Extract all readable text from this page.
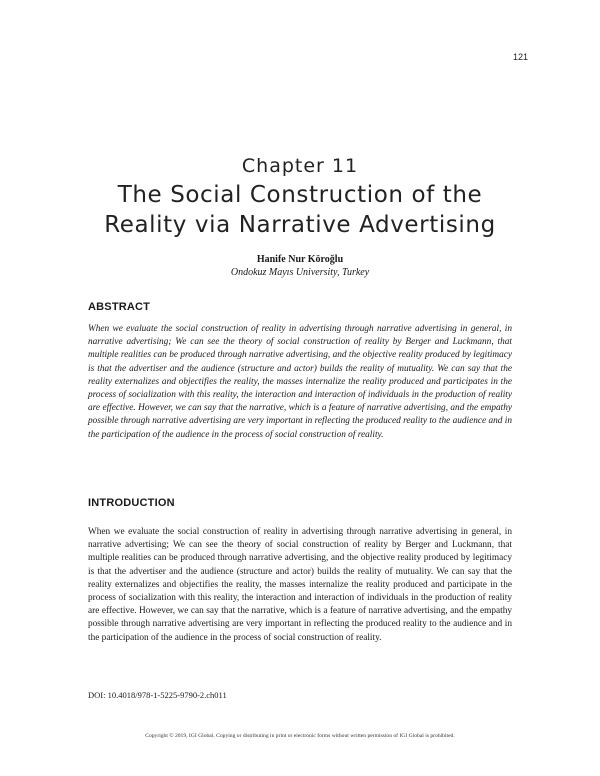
121
Chapter 11
The Social Construction of the
Reality via Narrative Advertising
Hanife Nur Köroğlu
Ondokuz Mayıs University, Turkey
ABSTRACT

When we evaluate the social construction of reality in advertising through narrative advertising in general, in narrative advertising; We can see the theory of social construction of reality by Berger and Luckmann, that multiple realities can be produced through narrative advertising, and the objective reality produced by legitimacy is that the advertiser and the audience (structure and actor) builds the reality of mutuality. We can say that the reality externalizes and objectifies the reality, the masses internalize the reality produced and participates in the process of socialization with this reality, the interaction and interaction of individuals in the production of reality are effective. However, we can say that the narrative, which is a feature of narrative advertising, and the empathy possible through narrative advertising are very important in reflecting the produced reality to the audience and in the participation of the audience in the process of social construction of reality.

INTRODUCTION

When we evaluate the social construction of reality in advertising through narrative advertising in general, in narrative advertising; We can see the theory of social construction of reality by Berger and Luckmann, that multiple realities can be produced through narrative advertising, and the objective reality produced by legitimacy is that the advertiser and the audience (structure and actor) builds the reality of mutuality. We can say that the reality externalizes and objectifies the reality, the masses internalize the reality produced and participate in the process of socialization with this reality, the interaction and interaction of individuals in the production of reality are effective. However, we can say that the narrative, which is a feature of narrative advertising, and the empathy possible through narrative advertising are very important in reflecting the produced reality to the audience and in the participation of the audience in the process of social construction of reality.

DOI: 10.4018/978-1-5225-9790-2.ch011
Copyright © 2019, IGI Global. Copying or distributing in print or electronic forms without written permission of IGI Global is prohibited.
